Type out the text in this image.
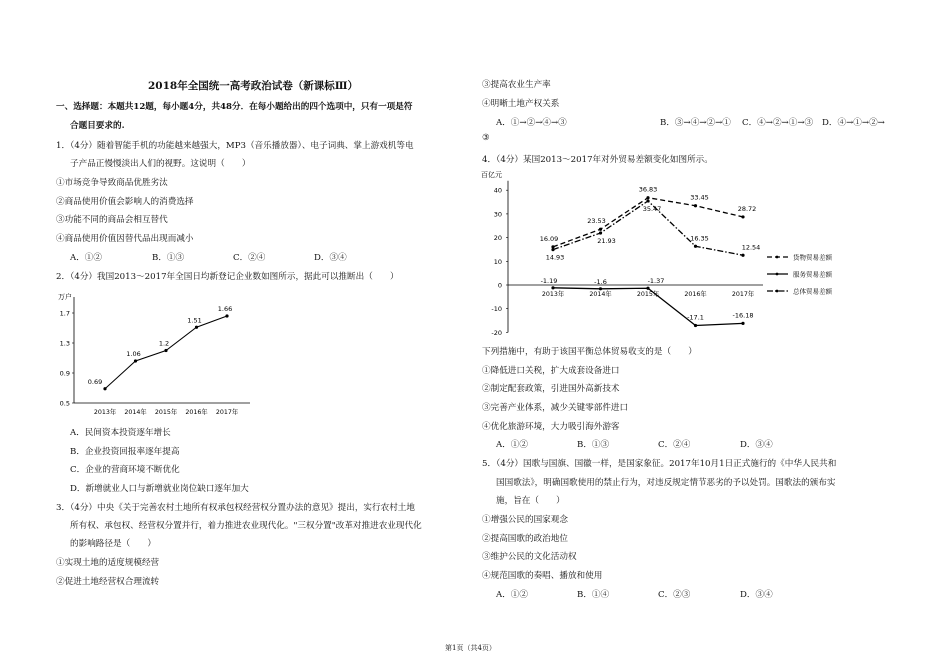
2018年全国统一高考政治试卷（新课标Ⅲ）
一、选择题：本题共12题，每小题4分，共48分．在每小题给出的四个选项中，只有一项是符
合题目要求的.
1．（4分）随着智能手机的功能越来越强大，MP3（音乐播放器）、电子词典、掌上游戏机等电
子产品正慢慢淡出人们的视野。这说明（　　）
①市场竞争导致商品优胜劣汰
②商品使用价值会影响人的消费选择
③功能不同的商品会相互替代
④商品使用价值因替代品出现而减小
A．①②	B．①③	C．②④	D．③④
2．（4分）我国2013～2017年全国日均新登记企业数如图所示，据此可以推断出（　　）
万户
0.5
0.9
1.3
1.7
2013年 2014年 2015年 2016年 2017年
0.69
1.06
1.2
1.51
1.66
A．民间资本投资逐年增长
B．企业投资回报率逐年提高
C．企业的营商环境不断优化
D．新增就业人口与新增就业岗位缺口逐年加大
3．（4分）中央《关于完善农村土地所有权承包权经营权分置办法的意见》提出，实行农村土地
所有权、承包权、经营权分置并行，着力推进农业现代化。"三权分置"改革对推进农业现代化
的影响路径是（　　）
①实现土地的适度规模经营
②促进土地经营权合理流转
③提高农业生产率
④明晰土地产权关系
A．①→②→④→③	B．③→④→②→① C．④→②→①→③ D．④→①→②→
③
4．（4分）某国2013～2017年对外贸易差额变化如图所示。
百亿元
-20
-10
0
10
20
30
40
2013年	2014年	2015年	2016年	2017年
16.09
23.53
36.83
33.45
28.72
货物贸易差额
-1.19	-1.6	-1.37
-17.1	-16.18
服务贸易差额
14.93
21.93
35.47
16.35
12.54
总体贸易差额
下列措施中，有助于该国平衡总体贸易收支的是（　　）
①降低进口关税，扩大成套设备进口
②制定配套政策，引进国外高新技术
③完善产业体系，减少关键零部件进口
④优化旅游环境，大力吸引海外游客
A．①②	B．①③	C．②④	D．③④
5．（4分）国歌与国旗、国徽一样，是国家象征。2017年10月1日正式施行的《中华人民共和
国国歌法》，明确国歌使用的禁止行为，对违反规定情节恶劣的予以处罚。国歌法的颁布实
施，旨在（　　）
①增强公民的国家观念
②提高国歌的政治地位
③维护公民的文化活动权
④规范国歌的奏唱、播放和使用
A．①②	B．①④	C．②③	D．③④
第1页（共4页）
